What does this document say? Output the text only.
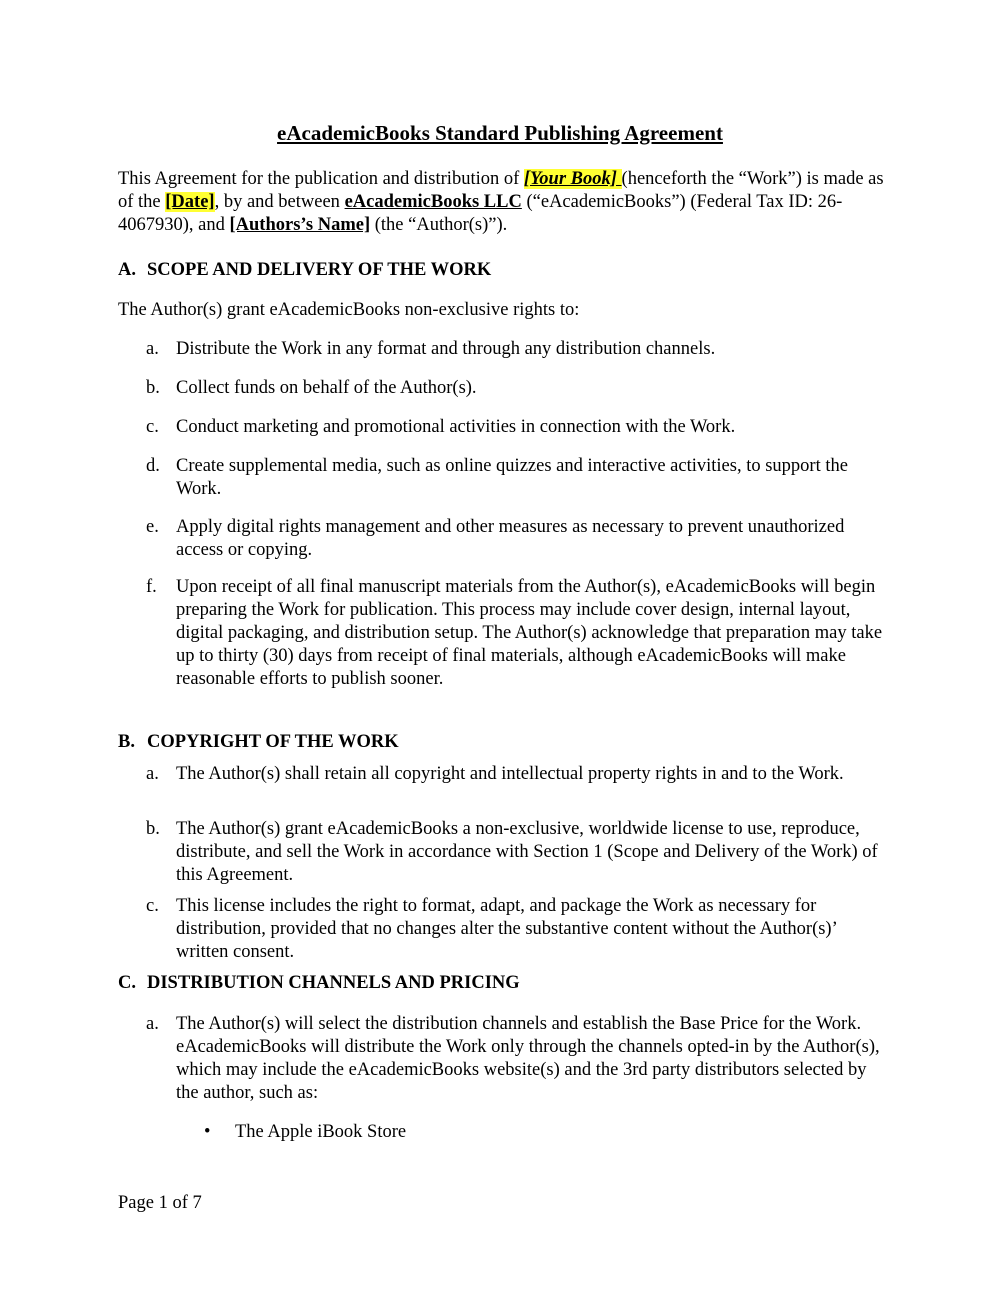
eAcademicBooks Standard Publishing Agreement
This Agreement for the publication and distribution of [Your Book] (henceforth the “Work”) is made as of the [Date], by and between eAcademicBooks LLC (“eAcademicBooks”) (Federal Tax ID: 26-4067930), and [Authors’s Name] (the “Author(s)”).
A. SCOPE AND DELIVERY OF THE WORK
The Author(s) grant eAcademicBooks non-exclusive rights to:
a. Distribute the Work in any format and through any distribution channels.
b. Collect funds on behalf of the Author(s).
c. Conduct marketing and promotional activities in connection with the Work.
d. Create supplemental media, such as online quizzes and interactive activities, to support the Work.
e. Apply digital rights management and other measures as necessary to prevent unauthorized access or copying.
f.	Upon receipt of all final manuscript materials from the Author(s), eAcademicBooks will begin preparing the Work for publication. This process may include cover design, internal layout, digital packaging, and distribution setup. The Author(s) acknowledge that preparation may take up to thirty (30) days from receipt of final materials, although eAcademicBooks will make reasonable efforts to publish sooner.
B. COPYRIGHT OF THE WORK
a. The Author(s) shall retain all copyright and intellectual property rights in and to the Work.
b. The Author(s) grant eAcademicBooks a non-exclusive, worldwide license to use, reproduce, distribute, and sell the Work in accordance with Section 1 (Scope and Delivery of the Work) of this Agreement.
c. This license includes the right to format, adapt, and package the Work as necessary for distribution, provided that no changes alter the substantive content without the Author(s)’ written consent.
C. DISTRIBUTION CHANNELS AND PRICING
a. The Author(s) will select the distribution channels and establish the Base Price for the Work. eAcademicBooks will distribute the Work only through the channels opted-in by the Author(s), which may include the eAcademicBooks website(s) and the 3rd party distributors selected by the author, such as:
• The Apple iBook Store
Page 1 of 7
